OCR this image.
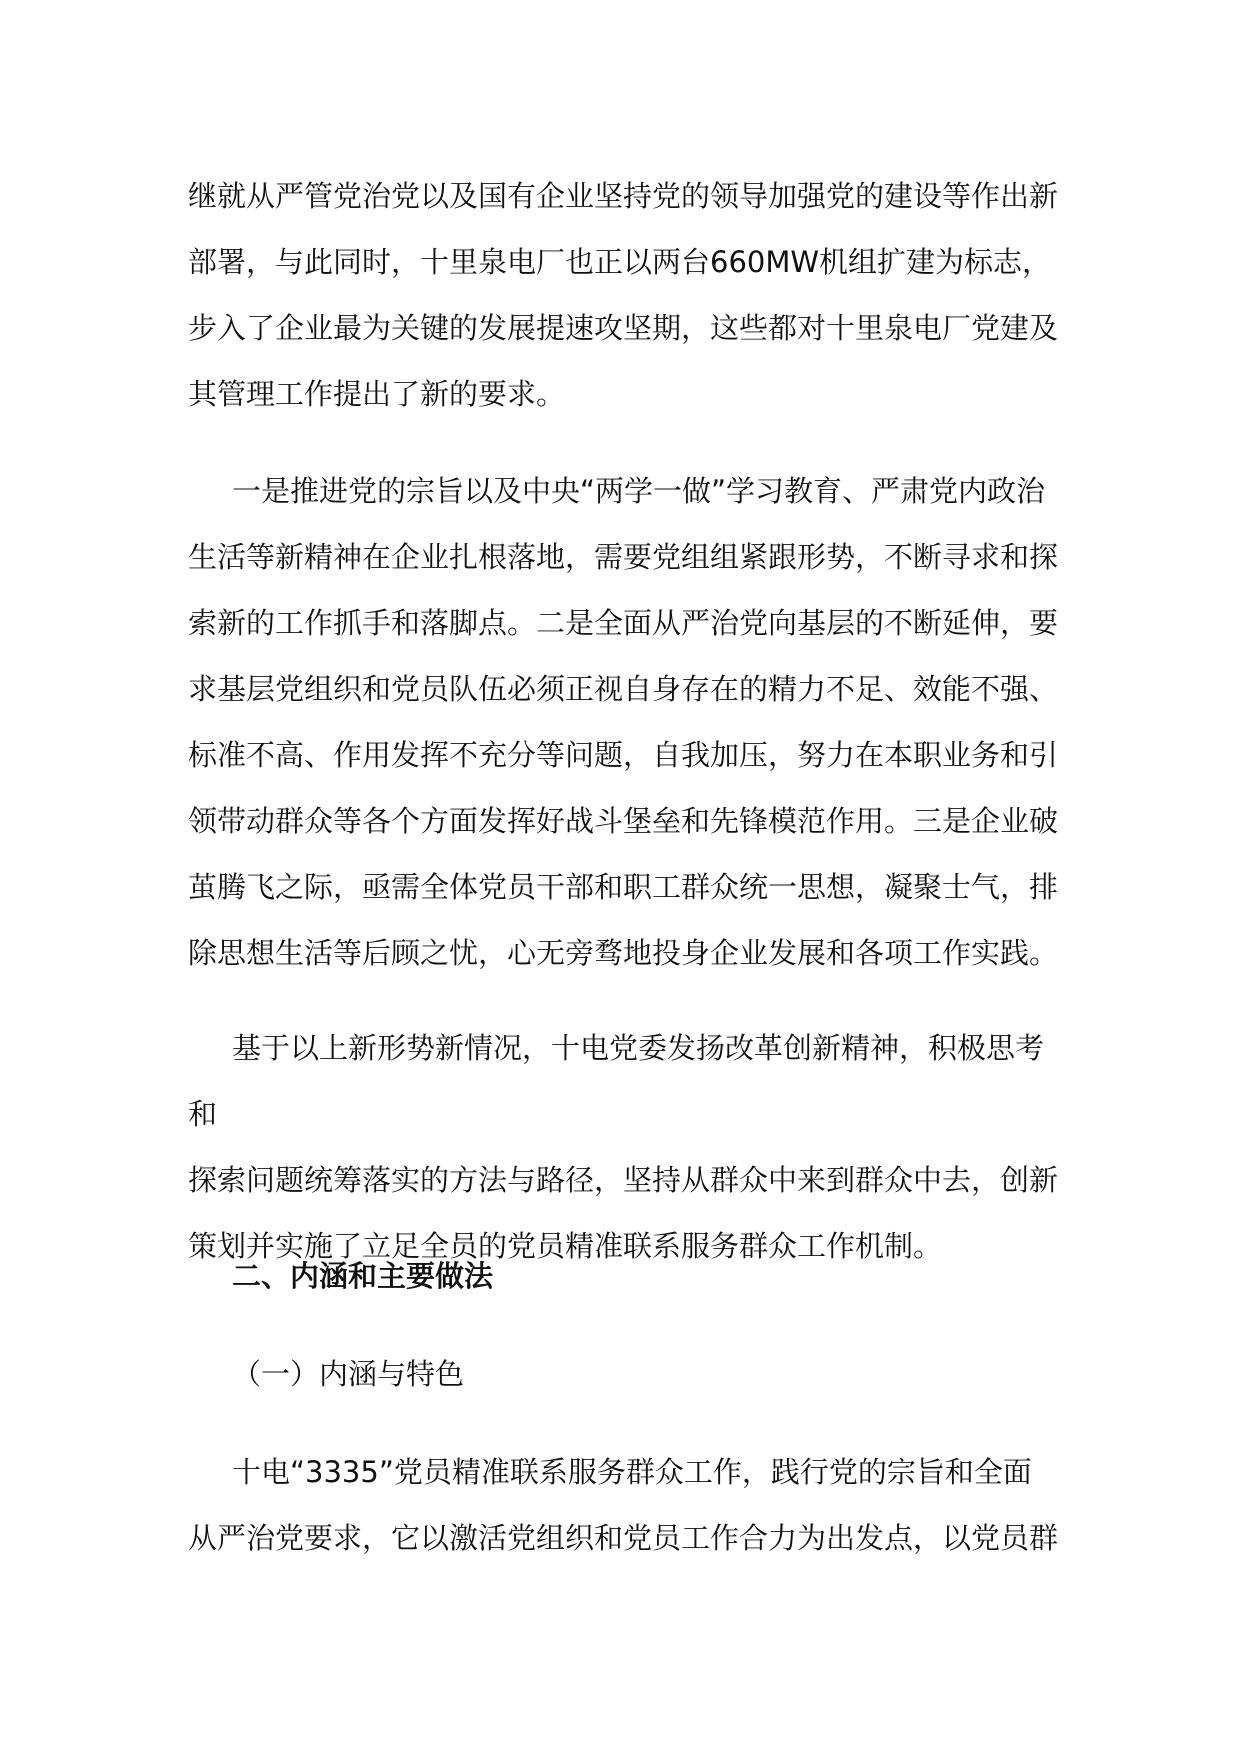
继就从严管党治党以及国有企业坚持党的领导加强党的建设等作出新

部署，与此同时，十里泉电厂也正以两台660MW机组扩建为标志，

步入了企业最为关键的发展提速攻坚期，这些都对十里泉电厂党建及

其管理工作提出了新的要求。

一是推进党的宗旨以及中央“两学一做”学习教育、严肃党内政治

生活等新精神在企业扎根落地，需要党组组紧跟形势，不断寻求和探

索新的工作抓手和落脚点。二是全面从严治党向基层的不断延伸，要

求基层党组织和党员队伍必须正视自身存在的精力不足、效能不强、

标准不高、作用发挥不充分等问题，自我加压，努力在本职业务和引

领带动群众等各个方面发挥好战斗堡垒和先锋模范作用。三是企业破

茧腾飞之际，亟需全体党员干部和职工群众统一思想，凝聚士气，排

除思想生活等后顾之忧，心无旁骛地投身企业发展和各项工作实践。

基于以上新形势新情况，十电党委发扬改革创新精神，积极思考和

探索问题统筹落实的方法与路径，坚持从群众中来到群众中去，创新

策划并实施了立足全员的党员精准联系服务群众工作机制。

二、内涵和主要做法

（一）内涵与特色

十电“3335”党员精准联系服务群众工作，践行党的宗旨和全面

从严治党要求，它以激活党组织和党员工作合力为出发点，以党员群
